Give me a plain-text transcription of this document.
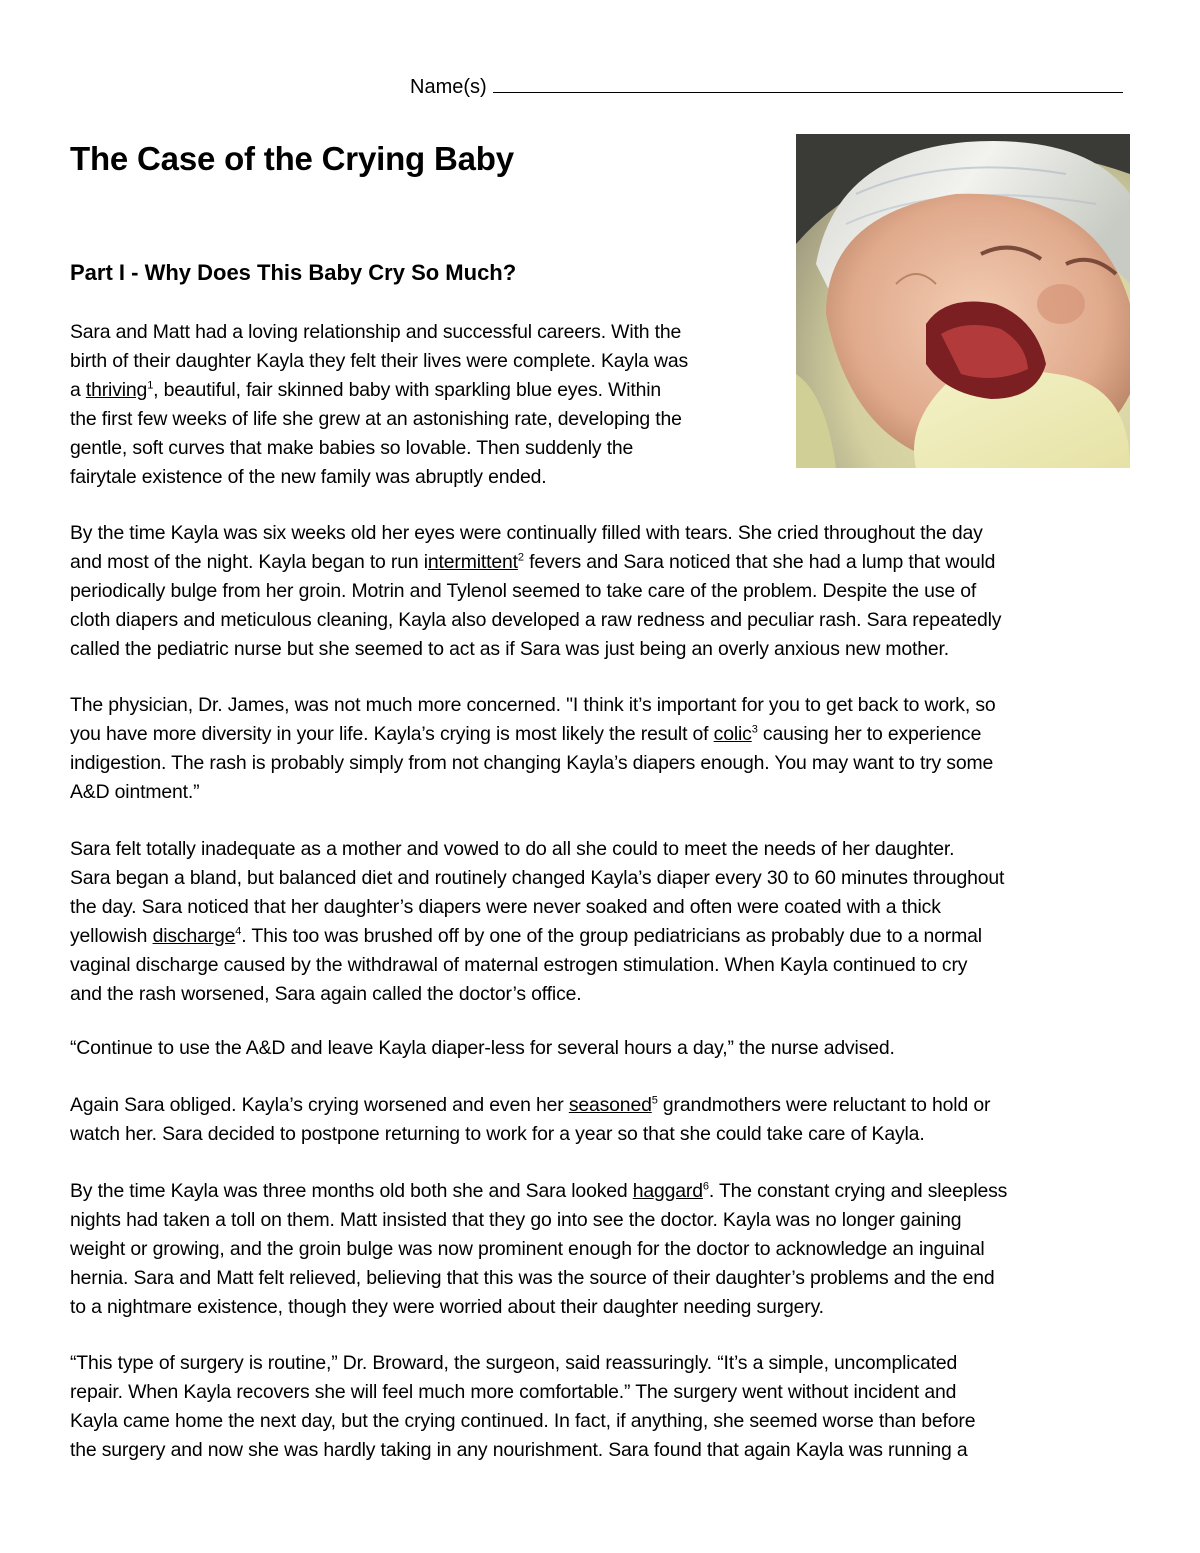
Name(s)
The Case of the Crying Baby
Part I - Why Does This Baby Cry So Much?

Sara and Matt had a loving relationship and successful careers. With the
birth of their daughter Kayla they felt their lives were complete. Kayla was
a thriving$^1$, beautiful, fair skinned baby with sparkling blue eyes. Within
the first few weeks of life she grew at an astonishing rate, developing the
gentle, soft curves that make babies so lovable. Then suddenly the
fairytale existence of the new family was abruptly ended.

By the time Kayla was six weeks old her eyes were continually filled with tears. She cried throughout the day
and most of the night. Kayla began to run intermittent$^2$ fevers and Sara noticed that she had a lump that would
periodically bulge from her groin. Motrin and Tylenol seemed to take care of the problem. Despite the use of
cloth diapers and meticulous cleaning, Kayla also developed a raw redness and peculiar rash. Sara repeatedly
called the pediatric nurse but she seemed to act as if Sara was just being an overly anxious new mother.

The physician, Dr. James, was not much more concerned. "I think it’s important for you to get back to work, so
you have more diversity in your life. Kayla’s crying is most likely the result of colic$^3$ causing her to experience
indigestion. The rash is probably simply from not changing Kayla’s diapers enough. You may want to try some
A&D ointment.”

Sara felt totally inadequate as a mother and vowed to do all she could to meet the needs of her daughter.
Sara began a bland, but balanced diet and routinely changed Kayla’s diaper every 30 to 60 minutes throughout
the day. Sara noticed that her daughter’s diapers were never soaked and often were coated with a thick
yellowish discharge$^4$. This too was brushed off by one of the group pediatricians as probably due to a normal
vaginal discharge caused by the withdrawal of maternal estrogen stimulation. When Kayla continued to cry
and the rash worsened, Sara again called the doctor’s office.

“Continue to use the A&D and leave Kayla diaper-less for several hours a day,” the nurse advised.

Again Sara obliged. Kayla’s crying worsened and even her seasoned$^5$ grandmothers were reluctant to hold or
watch her. Sara decided to postpone returning to work for a year so that she could take care of Kayla.

By the time Kayla was three months old both she and Sara looked haggard$^6$. The constant crying and sleepless
nights had taken a toll on them. Matt insisted that they go into see the doctor. Kayla was no longer gaining
weight or growing, and the groin bulge was now prominent enough for the doctor to acknowledge an inguinal
hernia. Sara and Matt felt relieved, believing that this was the source of their daughter’s problems and the end
to a nightmare existence, though they were worried about their daughter needing surgery.

“This type of surgery is routine,” Dr. Broward, the surgeon, said reassuringly. “It’s a simple, uncomplicated
repair. When Kayla recovers she will feel much more comfortable.” The surgery went without incident and
Kayla came home the next day, but the crying continued. In fact, if anything, she seemed worse than before
the surgery and now she was hardly taking in any nourishment. Sara found that again Kayla was running a
